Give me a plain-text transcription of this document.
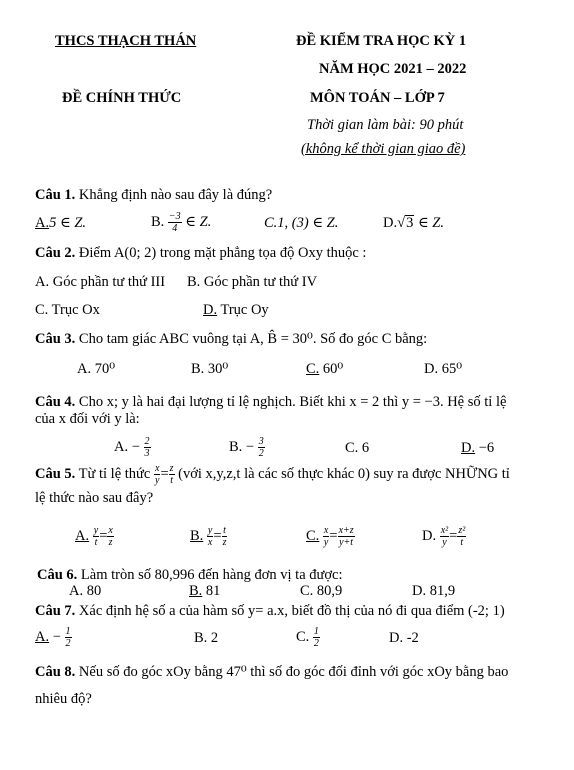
THCS THẠCH THÁN	ĐỀ KIỂM TRA HỌC KỲ 1
NĂM HỌC 2021 – 2022
ĐỀ CHÍNH THỨC	MÔN TOÁN – LỚP 7
Thời gian làm bài: 90 phút
(không kể thời gian giao đề)
Câu 1. Khẳng định nào sau đây là đúng?
A.5 ∈ Z.	B. $\frac{-3}{4}$ ∈ Z.	C.1, (3) ∈ Z.	D.√3 ∈ Z.
Câu 2. Điểm A(0; 2) trong mặt phẳng tọa độ Oxy thuộc :
A. Góc phần tư thứ III B. Góc phần tư thứ IV
C. Trục Ox	D. Trục Oy
Câu 3. Cho tam giác ABC vuông tại A, B̂ = 30⁰. Số đo góc C bằng:
A. 70⁰	B. 30⁰	C. 60⁰	D. 65⁰
Câu 4. Cho x; y là hai đại lượng tỉ lệ nghịch. Biết khi x = 2 thì y = −3. Hệ số tỉ lệ
của x đối với y là:
A. − $\frac{2}{3}$	B. − $\frac{3}{2}$	C. 6	D. −6
Câu 5. Từ tỉ lệ thức $\frac{x}{y} = \frac{z}{t}$ (với x,y,z,t là các số thực khác 0) suy ra được NHỮNG tỉ
lệ thức nào sau đây?
A. $\frac{y}{t} = \frac{x}{z}$	B. $\frac{y}{x} = \frac{t}{z}$	C. $\frac{x}{y} = \frac{x+z}{y+t}$	D. $\frac{\text{x²}}{y} = \frac{\text{z²}}{t}$
Câu 6. Làm tròn số 80,996 đến hàng đơn vị ta được:
A. 80	B. 81	C. 80,9	D. 81,9
Câu 7. Xác định hệ số a của hàm số y= a.x, biết đồ thị của nó đi qua điểm (-2; 1)
A. − $\frac{1}{2}$	B. 2	C. $\frac{1}{2}$	D. -2
Câu 8. Nếu số đo góc xOy bằng 47⁰ thì số đo góc đối đỉnh với góc xOy bằng bao
nhiêu độ?
